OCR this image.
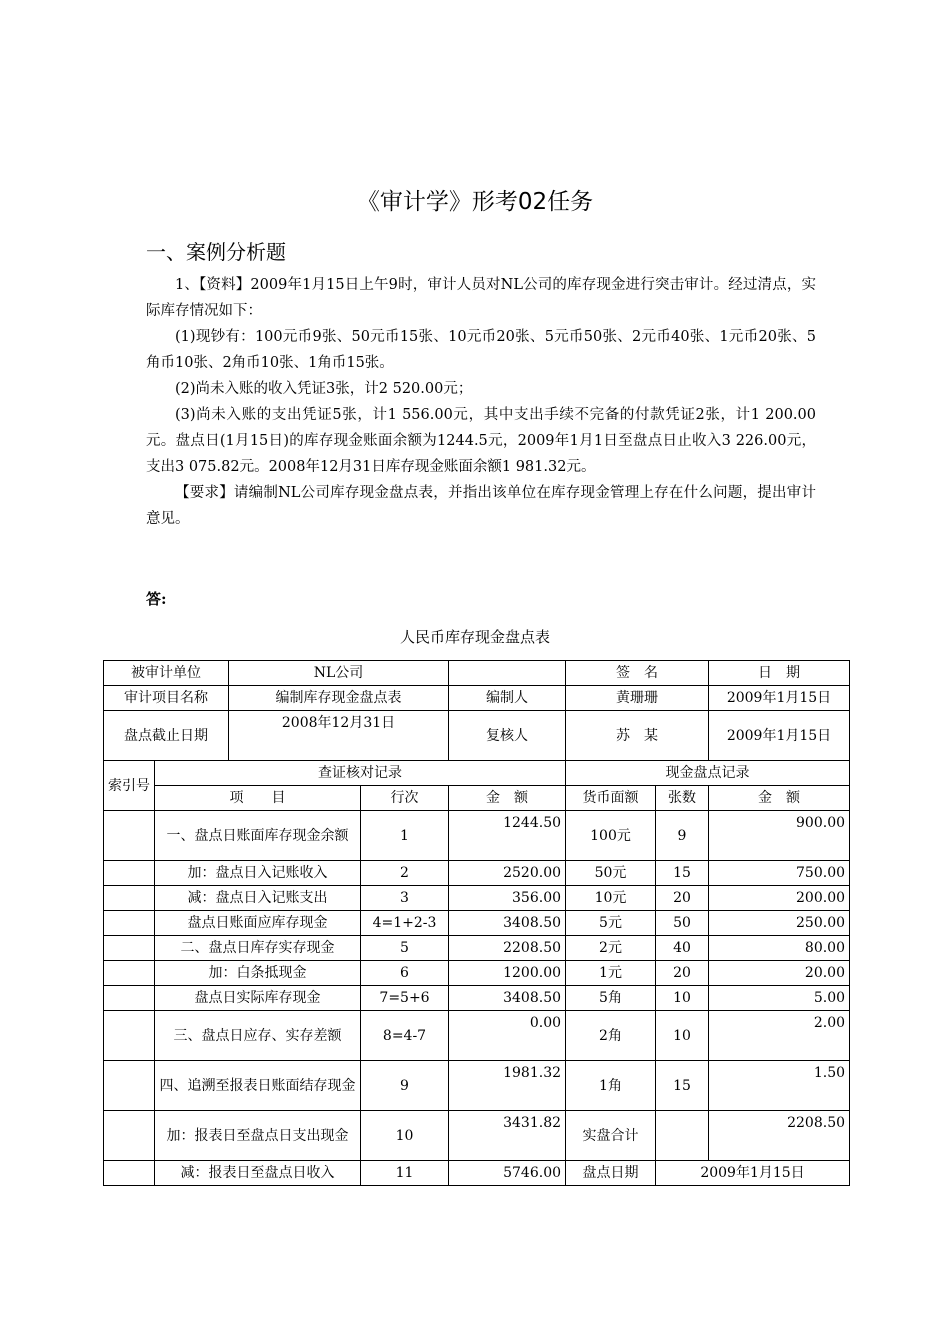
《审计学》形考02任务
一、案例分析题

1、【资料】2009年1月15日上午9时，审计人员对NL公司的库存现金进行突击审计。经过清点，实际库存情况如下：

(1)现钞有：100元币9张、50元币15张、10元币20张、5元币50张、2元币40张、1元币20张、5角币10张、2角币10张、1角币15张。

(2)尚未入账的收入凭证3张，计2 520.00元；

(3)尚未入账的支出凭证5张，计1 556.00元，其中支出手续不完备的付款凭证2张，计1 200.00元。盘点日(1月15日)的库存现金账面余额为1244.5元，2009年1月1日至盘点日止收入3 226.00元，支出3 075.82元。2008年12月31日库存现金账面余额1 981.32元。

【要求】请编制NL公司库存现金盘点表，并指出该单位在库存现金管理上存在什么问题，提出审计意见。

答:
人民币库存现金盘点表
被审计单位		NL公司			签　名		日　期
审计项目名称		编制库存现金盘点表		编制人	黄珊珊		2009年1月15日
盘点截止日期		2008年12月31日		复核人	苏　某		2009年1月15日
索引号	查证核对记录				现金盘点记录		
	项　　目		行次	金　额	货币面额	张数	金　额
	一、盘点日账面库存现金余额		1	1244.50	100元	9	900.00
	加：盘点日入记账收入		2	2520.00	50元	15	750.00
	减：盘点日入记账支出		3	356.00	10元	20	200.00
	盘点日账面应库存现金		4=1+2-3	3408.50	5元	50	250.00
	二、盘点日库存实存现金		5	2208.50	2元	40	80.00
	加：白条抵现金		6	1200.00	1元	20	20.00
	盘点日实际库存现金		7=5+6	3408.50	5角	10	5.00
	三、盘点日应存、实存差额		8=4-7	0.00	2角	10	2.00
	四、追溯至报表日账面结存现金		9	1981.32	1角	15	1.50
	加：报表日至盘点日支出现金		10	3431.82	实盘合计		2208.50
	减：报表日至盘点日收入		11	5746.00	盘点日期	2009年1月15日	
